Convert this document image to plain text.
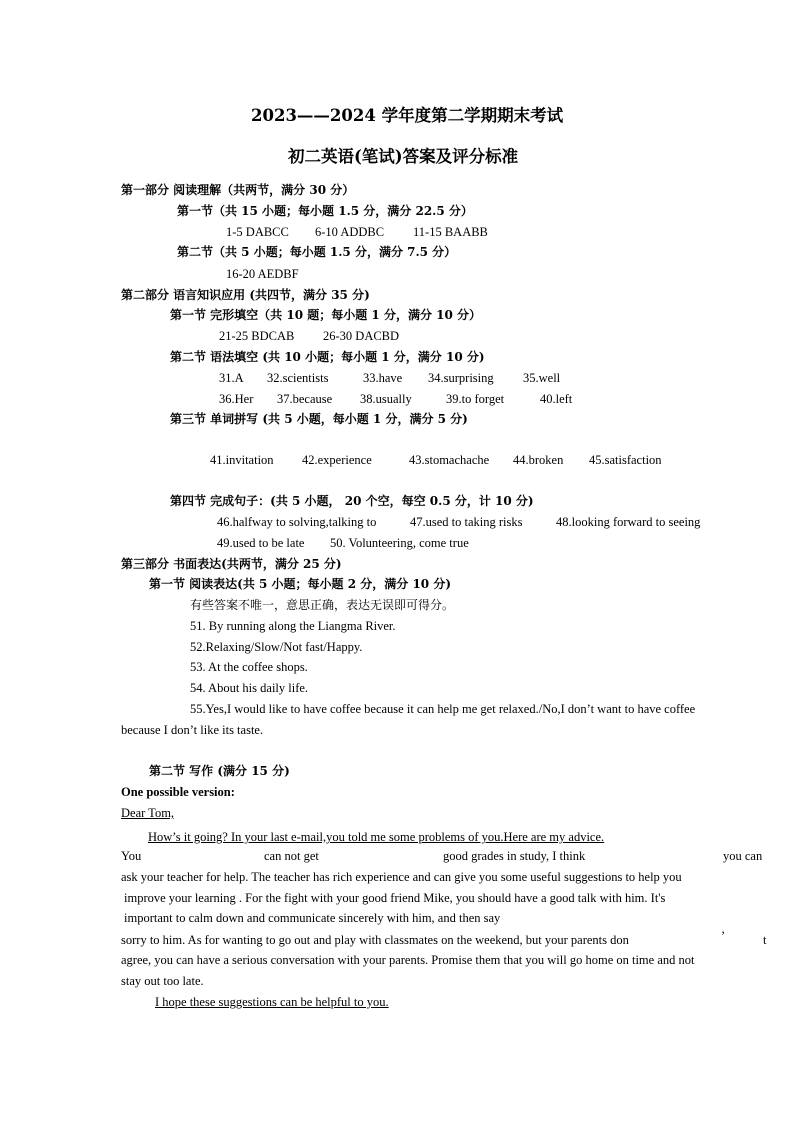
2023——2024 学年度第二学期期末考试
初二英语(笔试)答案及评分标准
第一部分 阅读理解（共两节，满分 30 分）
第一节（共 15 小题；每小题 1.5 分，满分 22.5 分）
1-5 DABCC 6-10 ADDBC 11-15 BAABB
第二节（共 5 小题；每小题 1.5 分，满分 7.5 分）
16-20 AEDBF
第二部分 语言知识应用 (共四节，满分 35 分)
第一节 完形填空（共 10 题；每小题 1 分，满分 10 分）
21-25 BDCAB 26-30 DACBD
第二节 语法填空 (共 10 小题；每小题 1 分，满分 10 分)
31.A 32.scientists	33.have 34.surprising 35.well
36.Her 37.because 38.usually	39.to forget	40.left
第三节 单词拼写 (共 5 小题，每小题 1 分，满分 5 分)
41.invitation 42.experience	43.stomachache 44.broken 45.satisfaction
第四节 完成句子：(共 5 小题， 20 个空，每空 0.5 分，计 10 分)
46.halfway to solving,talking to	47.used to taking risks	48.looking forward to seeing
49.used to be late 50. Volunteering, come true
第三部分 书面表达(共两节，满分 25 分)
第一节 阅读表达(共 5 小题；每小题 2 分，满分 10 分)
有些答案不唯一，意思正确，表达无误即可得分。
51. By running along the Liangma River.
52.Relaxing/Slow/Not fast/Happy.
53. At the coffee shops.
54. About his daily life.
55.Yes,I would like to have coffee because it can help me get relaxed./No,I don’t want to have coffee
because I don’t like its taste.
第二节 写作 (满分 15 分)
One possible version:
Dear Tom,
How’s it going? In your last e-mail,you told me some problems of you.Here are my advice.
You	can not get	good grades in study, I think	you can
ask your teacher for help. The teacher has rich experience and can give you some useful suggestions to help you
improve your learning . For the fight with your good friend Mike, you should have a good talk with him. It's
important to calm down and communicate sincerely with him, and then say
sorry to him. As for wanting to go out and play with classmates on the weekend, but your parents don	’	t
agree, you can have a serious conversation with your parents. Promise them that you will go home on time and not
stay out too late.
I hope these suggestions can be helpful to you.
